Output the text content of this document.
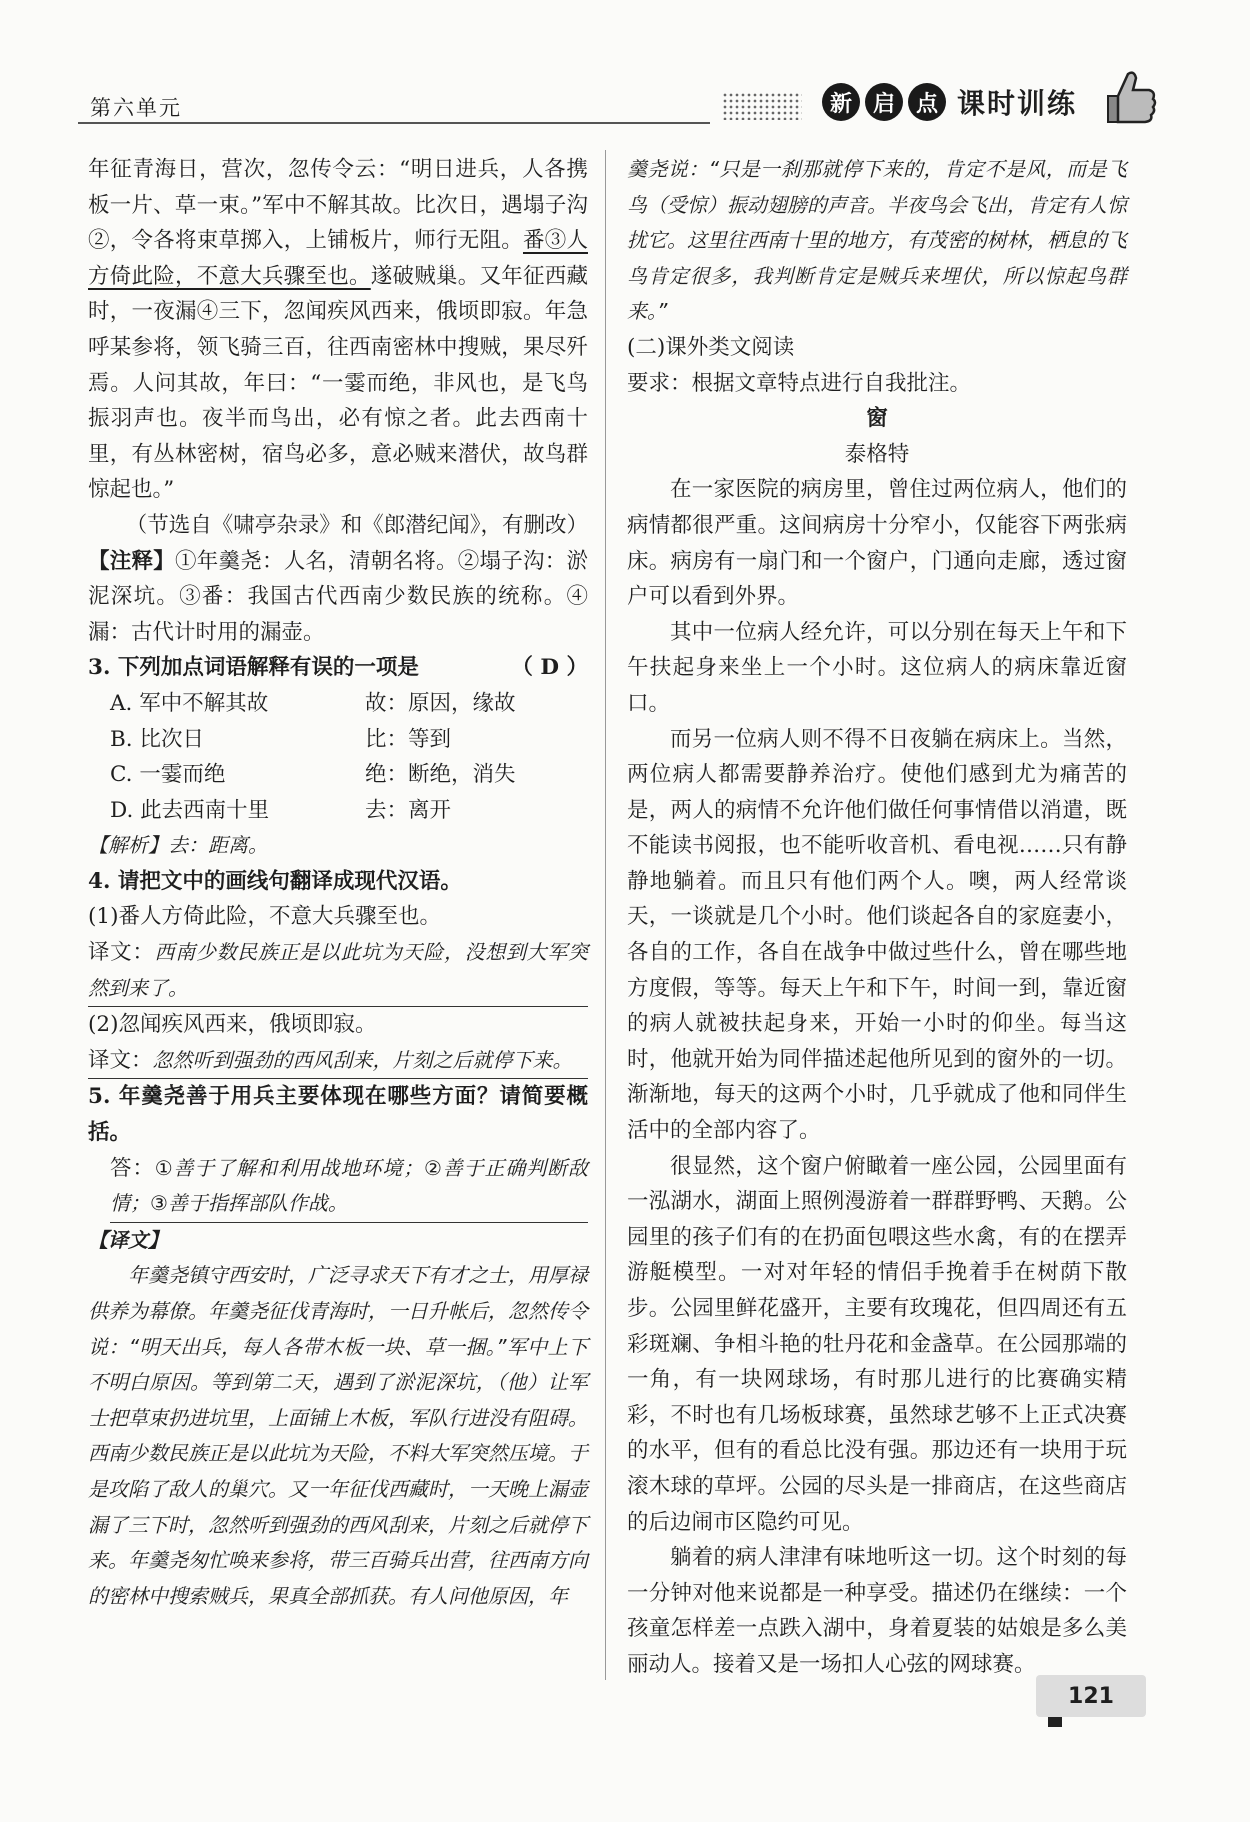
第六单元	新 启 点 课时训练

年征青海日，营次，忽传令云：“明日进兵，人各携板一片、草一束。”军中不解其故。比次日，遇塌子沟②，令各将束草掷入，上铺板片，师行无阻。番③人方倚此险，不意大兵骤至也。遂破贼巢。又年征西藏时，一夜漏④三下，忽闻疾风西来，俄顷即寂。年急呼某参将，领飞骑三百，往西南密林中搜贼，果尽歼焉。人问其故，年曰：“一霎而绝，非风也，是飞鸟振羽声也。夜半而鸟出，必有惊之者。此去西南十里，有丛林密树，宿鸟必多，意必贼来潜伏，故鸟群惊起也。”

（节选自《啸亭杂录》和《郎潜纪闻》，有删改）

【注释】①年羹尧：人名，清朝名将。②塌子沟：淤泥深坑。③番：我国古代西南少数民族的统称。④漏：古代计时用的漏壶。

3. 下列加点词语解释有误的一项是	（ D ）

A. 军中不解其故	故：原因，缘故
B. 比次日	比：等到
C. 一霎而绝	绝：断绝，消失
D. 此去西南十里	去：离开

【解析】去：距离。

4. 请把文中的画线句翻译成现代汉语。

(1)番人方倚此险，不意大兵骤至也。

译文：西南少数民族正是以此坑为天险，没想到大军突然到来了。

(2)忽闻疾风西来，俄顷即寂。

译文：忽然听到强劲的西风刮来，片刻之后就停下来。

5. 年羹尧善于用兵主要体现在哪些方面？请简要概括。

答：①善于了解和利用战地环境；②善于正确判断敌情；③善于指挥部队作战。

【译文】

年羹尧镇守西安时，广泛寻求天下有才之士，用厚禄供养为幕僚。年羹尧征伐青海时，一日升帐后，忽然传令说：“明天出兵，每人各带木板一块、草一捆。”军中上下不明白原因。等到第二天，遇到了淤泥深坑，（他）让军士把草束扔进坑里，上面铺上木板，军队行进没有阻碍。西南少数民族正是以此坑为天险，不料大军突然压境。于是攻陷了敌人的巢穴。又一年征伐西藏时，一天晚上漏壶漏了三下时，忽然听到强劲的西风刮来，片刻之后就停下来。年羹尧匆忙唤来参将，带三百骑兵出营，往西南方向的密林中搜索贼兵，果真全部抓获。有人问他原因，年

羹尧说：“只是一刹那就停下来的，肯定不是风，而是飞鸟（受惊）振动翅膀的声音。半夜鸟会飞出，肯定有人惊扰它。这里往西南十里的地方，有茂密的树林，栖息的飞鸟肯定很多，我判断肯定是贼兵来埋伏，所以惊起鸟群来。”

(二)课外类文阅读

要求：根据文章特点进行自我批注。

窗

泰格特

在一家医院的病房里，曾住过两位病人，他们的病情都很严重。这间病房十分窄小，仅能容下两张病床。病房有一扇门和一个窗户，门通向走廊，透过窗户可以看到外界。

其中一位病人经允许，可以分别在每天上午和下午扶起身来坐上一个小时。这位病人的病床靠近窗口。

而另一位病人则不得不日夜躺在病床上。当然，两位病人都需要静养治疗。使他们感到尤为痛苦的是，两人的病情不允许他们做任何事情借以消遣，既不能读书阅报，也不能听收音机、看电视……只有静静地躺着。而且只有他们两个人。噢，两人经常谈天，一谈就是几个小时。他们谈起各自的家庭妻小，各自的工作，各自在战争中做过些什么，曾在哪些地方度假，等等。每天上午和下午，时间一到，靠近窗的病人就被扶起身来，开始一小时的仰坐。每当这时，他就开始为同伴描述起他所见到的窗外的一切。渐渐地，每天的这两个小时，几乎就成了他和同伴生活中的全部内容了。

很显然，这个窗户俯瞰着一座公园，公园里面有一泓湖水，湖面上照例漫游着一群群野鸭、天鹅。公园里的孩子们有的在扔面包喂这些水禽，有的在摆弄游艇模型。一对对年轻的情侣手挽着手在树荫下散步。公园里鲜花盛开，主要有玫瑰花，但四周还有五彩斑斓、争相斗艳的牡丹花和金盏草。在公园那端的一角，有一块网球场，有时那儿进行的比赛确实精彩，不时也有几场板球赛，虽然球艺够不上正式决赛的水平，但有的看总比没有强。那边还有一块用于玩滚木球的草坪。公园的尽头是一排商店，在这些商店的后边闹市区隐约可见。

躺着的病人津津有味地听这一切。这个时刻的每一分钟对他来说都是一种享受。描述仍在继续：一个孩童怎样差一点跌入湖中，身着夏装的姑娘是多么美丽动人。接着又是一场扣人心弦的网球赛。

121
